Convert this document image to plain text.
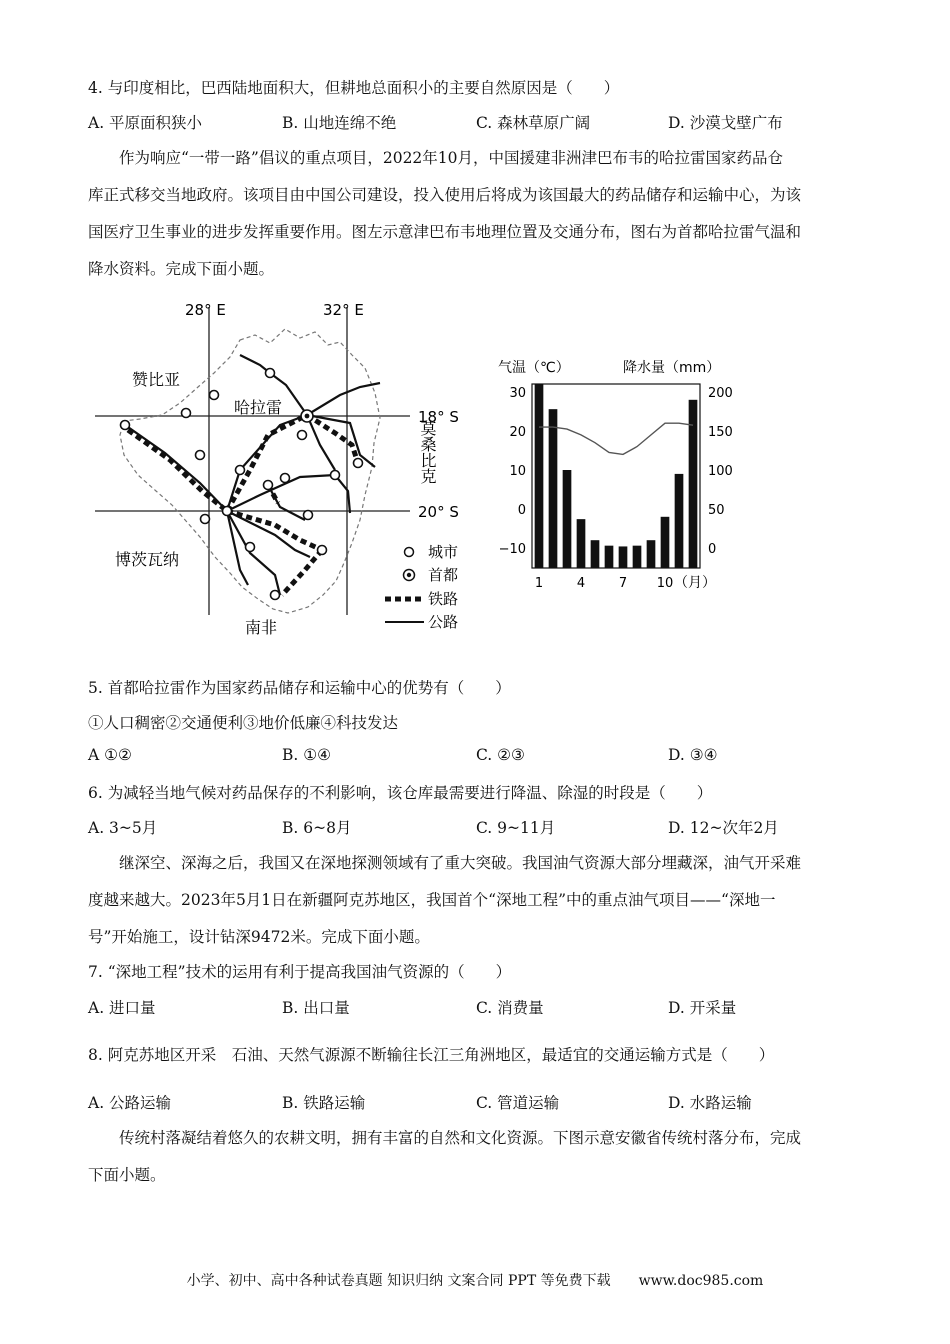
4. 与印度相比，巴西陆地面积大，但耕地总面积小的主要自然原因是（　　）
A. 平原面积狭小	B. 山地连绵不绝	C. 森林草原广阔	D. 沙漠戈壁广布

作为响应“一带一路”倡议的重点项目，2022年10月，中国援建非洲津巴布韦的哈拉雷国家药品仓

库正式移交当地政府。该项目由中国公司建设，投入使用后将成为该国最大的药品储存和运输中心，为该

国医疗卫生事业的进步发挥重要作用。图左示意津巴布韦地理位置及交通分布，图右为首都哈拉雷气温和

降水资料。完成下面小题。

28° E	32° E
18° S
20° S
赞比亚
哈拉雷
莫桑比克
博茨瓦纳
南非
城市
首都
铁路
公路
气温（℃）	降水量（mm）
30
20
10
0
−10
200
150
100
50
0
1	4	7 10 （月）
5. 首都哈拉雷作为国家药品储存和运输中心的优势有（　　）
①人口稠密②交通便利③地价低廉④科技发达
A ①②	B. ①④	C. ②③	D. ③④
6. 为减轻当地气候对药品保存的不利影响，该仓库最需要进行降温、除湿的时段是（　　）
A. 3~5月	B. 6~8月	C. 9~11月	D. 12~次年2月

继深空、深海之后，我国又在深地探测领域有了重大突破。我国油气资源大部分埋藏深，油气开采难

度越来越大。2023年5月1日在新疆阿克苏地区，我国首个“深地工程”中的重点油气项目——“深地一

号”开始施工，设计钻深9472米。完成下面小题。

7. “深地工程”技术的运用有利于提高我国油气资源的（　　）
A. 进口量	B. 出口量	C. 消费量	D. 开采量
8. 阿克苏地区开采　石油、天然气源源不断输往长江三角洲地区，最适宜的交通运输方式是（　　）
A. 公路运输	B. 铁路运输	C. 管道运输	D. 水路运输

传统村落凝结着悠久的农耕文明，拥有丰富的自然和文化资源。下图示意安徽省传统村落分布，完成

下面小题。

小学、初中、高中各种试卷真题 知识归纳 文案合同 PPT 等免费下载　　www.doc985.com
